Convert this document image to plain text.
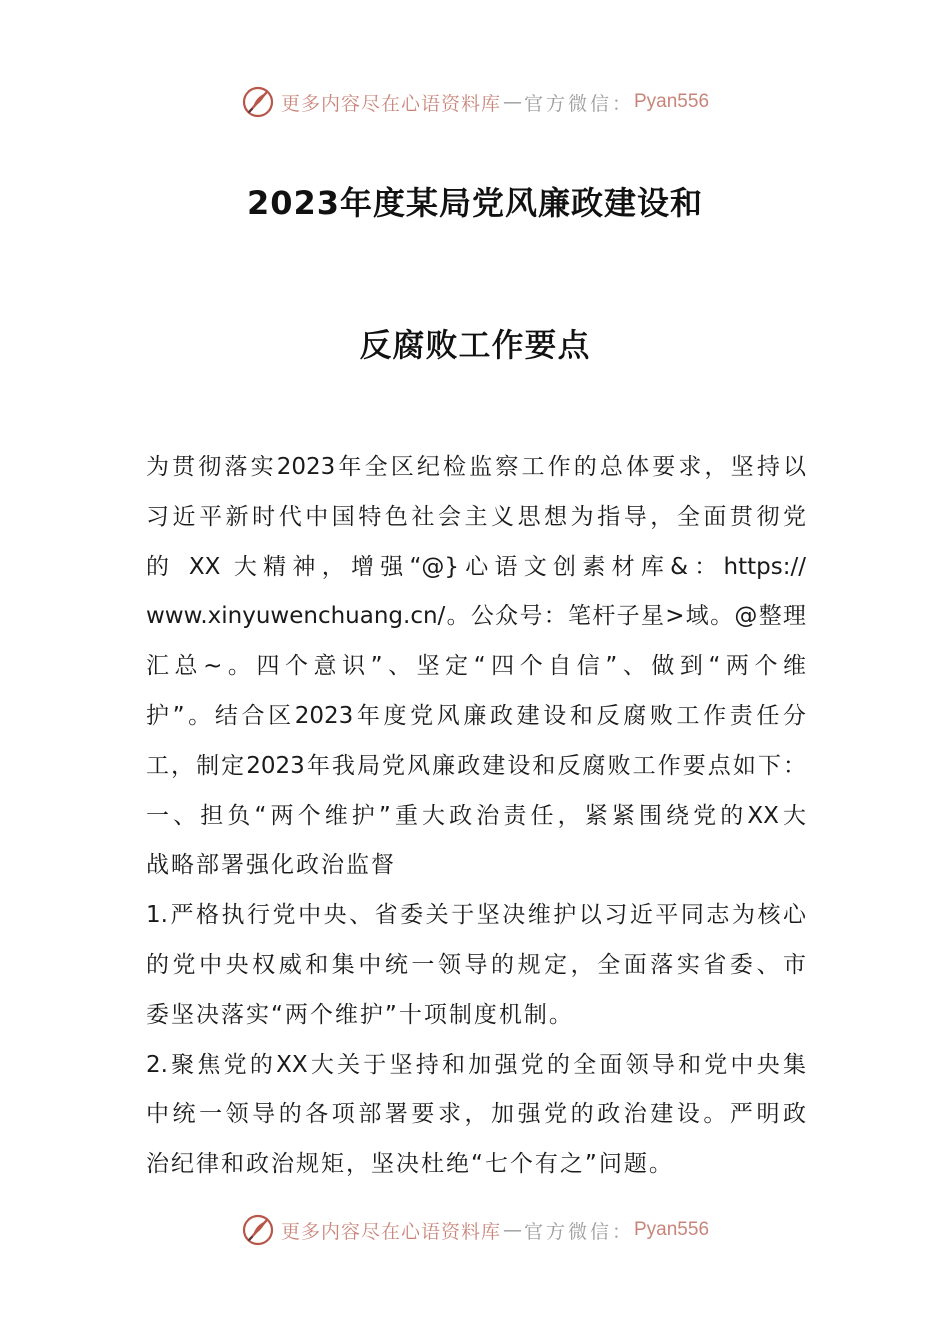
更多内容尽在心语资料库 — 官方微信： Pyan556
2023年度某局党风廉政建设和
反腐败工作要点
为贯彻落实2023年全区纪检监察工作的总体要求，坚持以
习近平新时代中国特色社会主义思想为指导，全面贯彻党
的 XX 大精神，增强“@}心语文创素材库&：https://
www.xinyuwenchuang.cn/。公众号：笔杆子星>域。@整理
汇总~。四个意识”、坚定“四个自信”、做到“两个维
护”。结合区2023年度党风廉政建设和反腐败工作责任分
工，制定2023年我局党风廉政建设和反腐败工作要点如下：
一、担负“两个维护”重大政治责任，紧紧围绕党的XX大
战略部署强化政治监督
1.严格执行党中央、省委关于坚决维护以习近平同志为核心
的党中央权威和集中统一领导的规定，全面落实省委、市
委坚决落实“两个维护”十项制度机制。
2.聚焦党的XX大关于坚持和加强党的全面领导和党中央集
中统一领导的各项部署要求，加强党的政治建设。严明政
治纪律和政治规矩，坚决杜绝“七个有之”问题。
更多内容尽在心语资料库 — 官方微信： Pyan556
